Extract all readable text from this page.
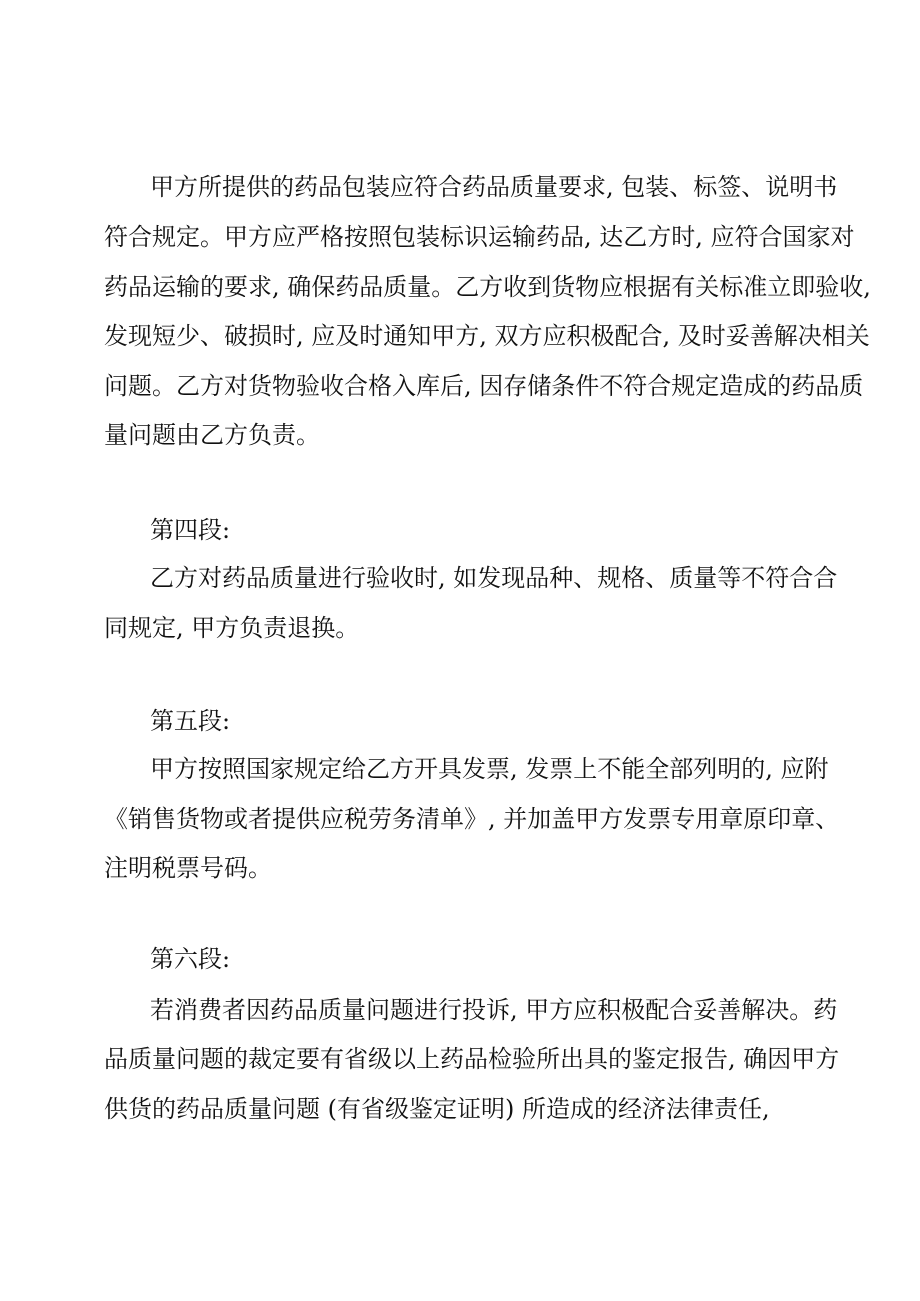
甲方所提供的药品包装应符合药品质量要求, 包装、标签、说明书
符合规定。甲方应严格按照包装标识运输药品, 达乙方时, 应符合国家对
药品运输的要求, 确保药品质量。乙方收到货物应根据有关标准立即验收,
发现短少、破损时, 应及时通知甲方, 双方应积极配合, 及时妥善解决相关
问题。乙方对货物验收合格入库后, 因存储条件不符合规定造成的药品质
量问题由乙方负责。
第四段:
乙方对药品质量进行验收时, 如发现品种、规格、质量等不符合合
同规定, 甲方负责退换。
第五段:
甲方按照国家规定给乙方开具发票, 发票上不能全部列明的, 应附
《销售货物或者提供应税劳务清单》, 并加盖甲方发票专用章原印章、
注明税票号码。
第六段:
若消费者因药品质量问题进行投诉, 甲方应积极配合妥善解决。药
品质量问题的裁定要有省级以上药品检验所出具的鉴定报告, 确因甲方
供货的药品质量问题 (有省级鉴定证明) 所造成的经济法律责任,
